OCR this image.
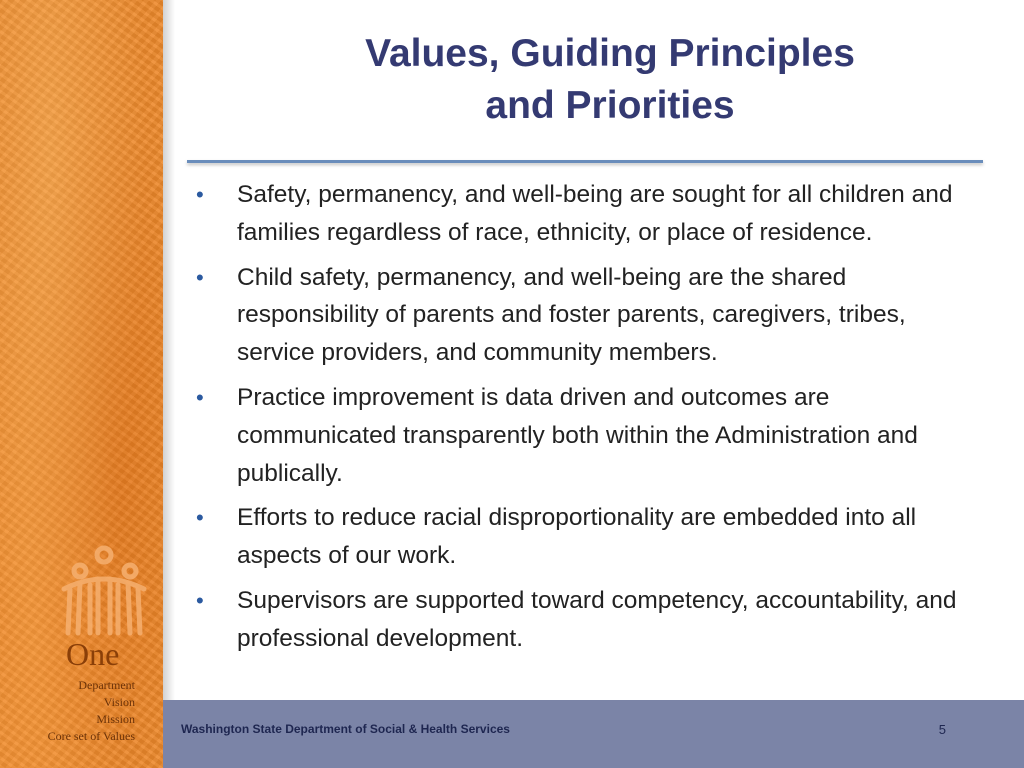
One
Department
Vision
Mission
Core set of Values
Values, Guiding Principles
and Priorities
• Safety, permanency, and well-being are sought for all children and families regardless of race, ethnicity, or place of residence.
• Child safety, permanency, and well-being are the shared responsibility of parents and foster parents, caregivers, tribes, service providers, and community members.
• Practice improvement is data driven and outcomes are communicated transparently both within the Administration and publically.
• Efforts to reduce racial disproportionality are embedded into all aspects of our work.
• Supervisors are supported toward competency, accountability, and professional development.
Washington State Department of Social & Health Services	5
